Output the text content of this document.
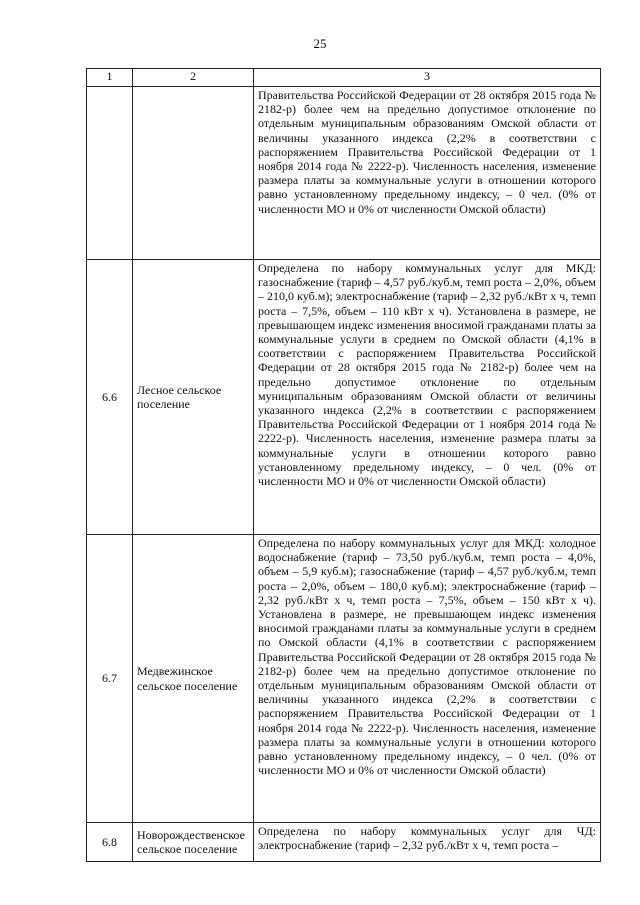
25
1	2	3

		Правительства Российской Федерации от 28 октября 2015 года № 2182-р) более чем на предельно допустимое отклонение по отдельным муниципальным образованиям Омской области от величины указанного индекса (2,2% в соответствии с распоряжением Правительства Российской Федерации от 1 ноября 2014 года № 2222-р). Численность населения, изменение размера платы за коммунальные услуги в отношении которого равно установленному предельному индексу, – 0 чел. (0% от численности МО и 0% от численности Омской области)

6.6	Лесное сельское поселение	Определена по набору коммунальных услуг для МКД: газоснабжение (тариф – 4,57 руб./куб.м, темп роста – 2,0%, объем – 210,0 куб.м); электроснабжение (тариф – 2,32 руб./кВт х ч, темп роста – 7,5%, объем – 110 кВт х ч). Установлена в размере, не превышающем индекс изменения вносимой гражданами платы за коммунальные услуги в среднем по Омской области (4,1% в соответствии с распоряжением Правительства Российской Федерации от 28 октября 2015 года № 2182-р) более чем на предельно допустимое отклонение по отдельным муниципальным образованиям Омской области от величины указанного индекса (2,2% в соответствии с распоряжением Правительства Российской Федерации от 1 ноября 2014 года № 2222-р). Численность населения, изменение размера платы за коммунальные услуги в отношении которого равно установленному предельному индексу, – 0 чел. (0% от численности МО и 0% от численности Омской области)

6.7	Медвежинское сельское поселение	Определена по набору коммунальных услуг для МКД: холодное водоснабжение (тариф – 73,50 руб./куб.м, темп роста – 4,0%, объем – 5,9 куб.м); газоснабжение (тариф – 4,57 руб./куб.м, темп роста – 2,0%, объем – 180,0 куб.м); электроснабжение (тариф – 2,32 руб./кВт х ч, темп роста – 7,5%, объем – 150 кВт х ч). Установлена в размере, не превышающем индекс изменения вносимой гражданами платы за коммунальные услуги в среднем по Омской области (4,1% в соответствии с распоряжением Правительства Российской Федерации от 28 октября 2015 года № 2182-р) более чем на предельно допустимое отклонение по отдельным муниципальным образованиям Омской области от величины указанного индекса (2,2% в соответствии с распоряжением Правительства Российской Федерации от 1 ноября 2014 года № 2222-р). Численность населения, изменение размера платы за коммунальные услуги в отношении которого равно установленному предельному индексу, – 0 чел. (0% от численности МО и 0% от численности Омской области)

6.8	Новорождественское сельское поселение	Определена по набору коммунальных услуг для ЧД: электроснабжение (тариф – 2,32 руб./кВт х ч, темп роста –
